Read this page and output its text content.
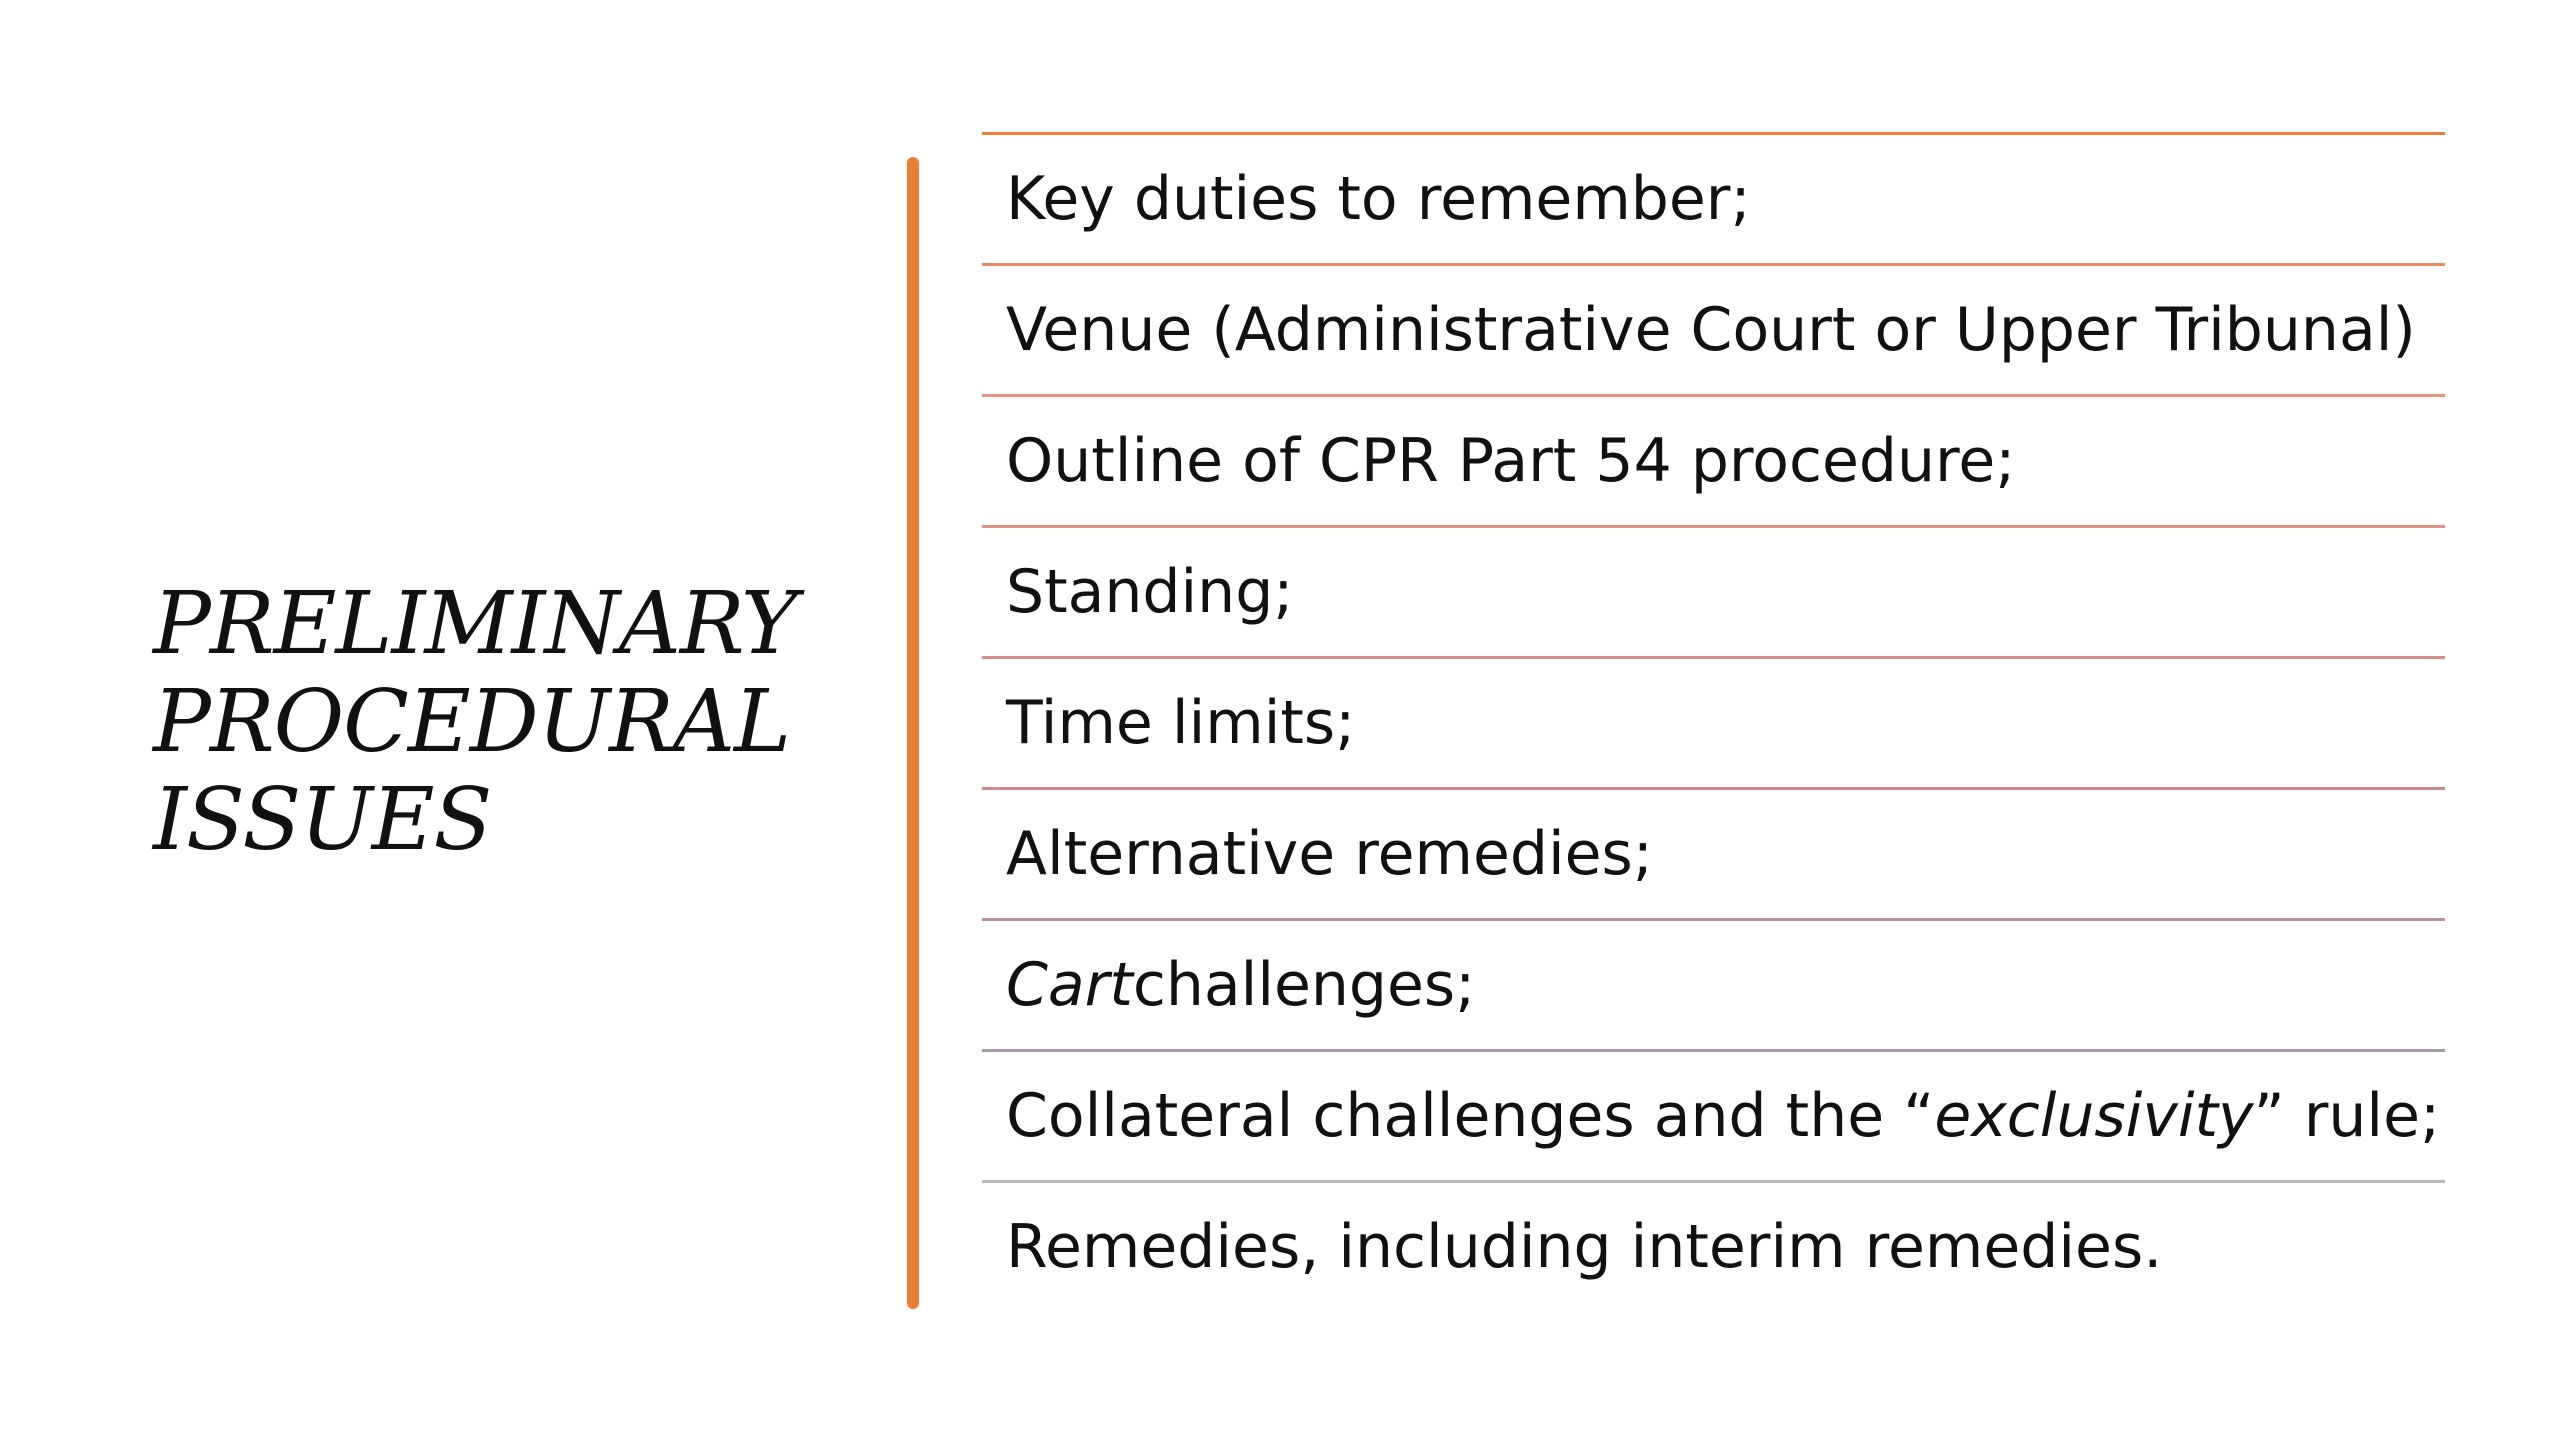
PRELIMINARY
PROCEDURAL
ISSUES
Key duties to remember;
Venue (Administrative Court or Upper Tribunal)
Outline of CPR Part 54 procedure;
Standing;
Time limits;
Alternative remedies;
Cart challenges;
Collateral challenges and the “ exclusivity ” rule;
Remedies, including interim remedies.
